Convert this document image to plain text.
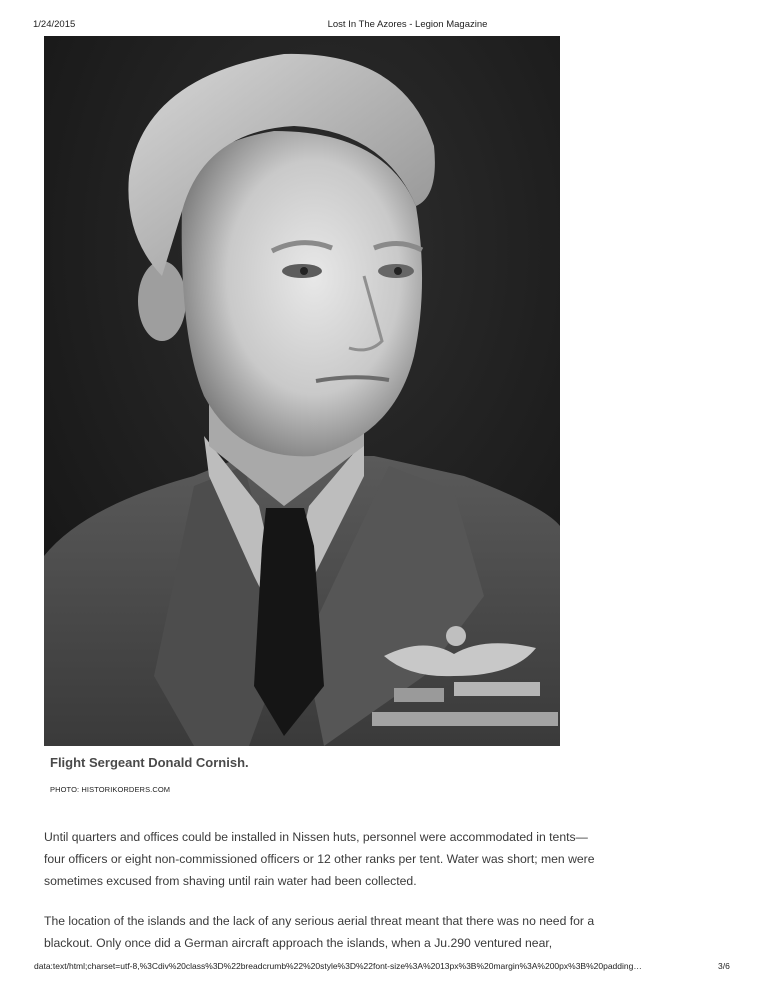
1/24/2015	Lost In The Azores - Legion Magazine
Flight Sergeant Donald Cornish.
PHOTO: HISTORIKORDERS.COM

Until quarters and offices could be installed in Nissen huts, personnel were accommodated in tents—
four officers or eight non-commissioned officers or 12 other ranks per tent. Water was short; men were
sometimes excused from shaving until rain water had been collected.

The location of the islands and the lack of any serious aerial threat meant that there was no need for a
blackout. Only once did a German aircraft approach the islands, when a Ju.290 ventured near,

data:text/html;charset=utf-8,%3Cdiv%20class%3D%22breadcrumb%22%20style%3D%22font-size%3A%2013px%3B%20margin%3A%200px%3B%20padding…	3/6
